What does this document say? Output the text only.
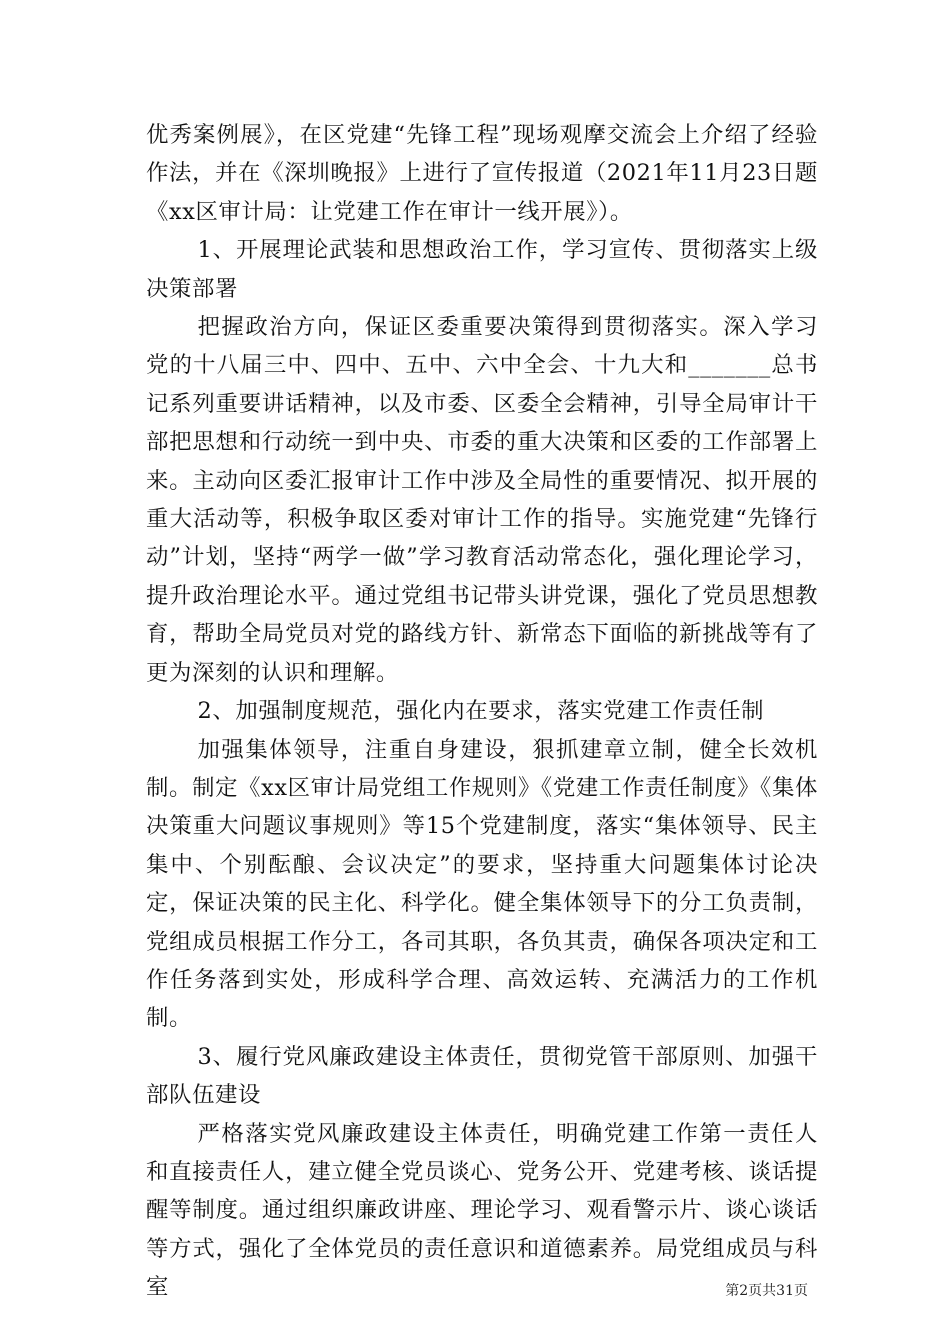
优秀案例展》，在区党建“先锋工程”现场观摩交流会上介绍了经验作法，并在《深圳晚报》上进行了宣传报道（2021年11月23日题《xx区审计局：让党建工作在审计一线开展》）。

1、开展理论武装和思想政治工作，学习宣传、贯彻落实上级决策部署

把握政治方向，保证区委重要决策得到贯彻落实。深入学习党的十八届三中、四中、五中、六中全会、十九大和_______总书记系列重要讲话精神，以及市委、区委全会精神，引导全局审计干部把思想和行动统一到中央、市委的重大决策和区委的工作部署上来。主动向区委汇报审计工作中涉及全局性的重要情况、拟开展的重大活动等，积极争取区委对审计工作的指导。实施党建“先锋行动”计划，坚持“两学一做”学习教育活动常态化，强化理论学习，提升政治理论水平。通过党组书记带头讲党课，强化了党员思想教育，帮助全局党员对党的路线方针、新常态下面临的新挑战等有了更为深刻的认识和理解。

2、加强制度规范，强化内在要求，落实党建工作责任制

加强集体领导，注重自身建设，狠抓建章立制，健全长效机制。制定《xx区审计局党组工作规则》《党建工作责任制度》《集体决策重大问题议事规则》等15个党建制度，落实“集体领导、民主集中、个别酝酿、会议决定”的要求，坚持重大问题集体讨论决定，保证决策的民主化、科学化。健全集体领导下的分工负责制，党组成员根据工作分工，各司其职，各负其责，确保各项决定和工作任务落到实处，形成科学合理、高效运转、充满活力的工作机制。

3、履行党风廉政建设主体责任，贯彻党管干部原则、加强干部队伍建设

严格落实党风廉政建设主体责任，明确党建工作第一责任人和直接责任人，建立健全党员谈心、党务公开、党建考核、谈话提醒等制度。通过组织廉政讲座、理论学习、观看警示片、谈心谈话等方式，强化了全体党员的责任意识和道德素养。局党组成员与科室	第2页共31页
